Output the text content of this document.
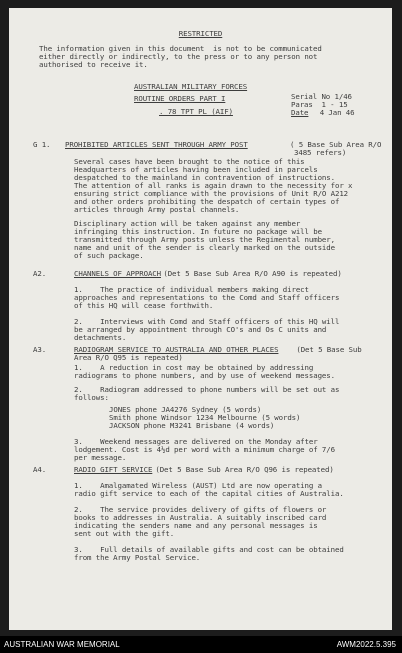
RESTRICTED
The information given in this document  is not to be communicated
either directly or indirectly, to the press or to any person not
authorised to receive it.
AUSTRALIAN MILITARY FORCES
ROUTINE ORDERS PART I
. 78 TPT PL (AIF)
Serial No 1/46
Paras  1 - 15
Date 4 Jan 46
G 1. PROHIBITED ARTICLES SENT THROUGH ARMY POST	( 5 Base Sub Area R/O
3485 refers)
Several cases have been brought to the notice of this
Headquarters of articles having been included in parcels
despatched to the mainland in contravention of instructions.
The attention of all ranks is again drawn to the necessity for x
ensuring strict compliance with the provisions of Unit R/O A212
and other orders prohibiting the despatch of certain types of
articles through Army postal channels.
Disciplinary action will be taken against any member
infringing this instruction. In future no package will be
transmitted through Army posts unless the Regimental number,
name and unit of the sender is clearly marked on the outside
of such package.
A2.	CHANNELS OF APPROACH
(Det 5 Base Sub Area R/O A90 is repeated)
1.    The practice of individual members making direct
approaches and representations to the Comd and Staff officers
of this HQ will cease forthwith.
2.    Interviews with Comd and Staff officers of this HQ will
be arranged by appointment through CO's and Os C units and
detachments.
A3.	RADIOGRAM SERVICE TO AUSTRALIA AND OTHER PLACES (Det 5 Base Sub
Area R/O Q95 is repeated)
1.    A reduction in cost may be obtained by addressing
radiograms to phone numbers, and by use of weekend messages.
2.    Radiogram addressed to phone numbers will be set out as
follows:
JONES phone JA4276 Sydney (5 words)
Smith phone Windsor 1234 Melbourne (5 words)
JACKSON phone M3241 Brisbane (4 words)
3.    Weekend messages are delivered on the Monday after
lodgement. Cost is 4½d per word with a minimum charge of 7/6
per message.
A4.	RADIO GIFT SERVICE
(Det 5 Base Sub Area R/O Q96 is repeated)
1.    Amalgamated Wireless (AUST) Ltd are now operating a
radio gift service to each of the capital cities of Australia.
2.    The service provides delivery of gifts of flowers or
books to addresses in Australia. A suitably inscribed card
indicating the senders name and any personal messages is
sent out with the gift.
3.    Full details of available gifts and cost can be obtained
from the Army Postal Service.
AUSTRALIAN WAR MEMORIAL	AWM2022.5.395
